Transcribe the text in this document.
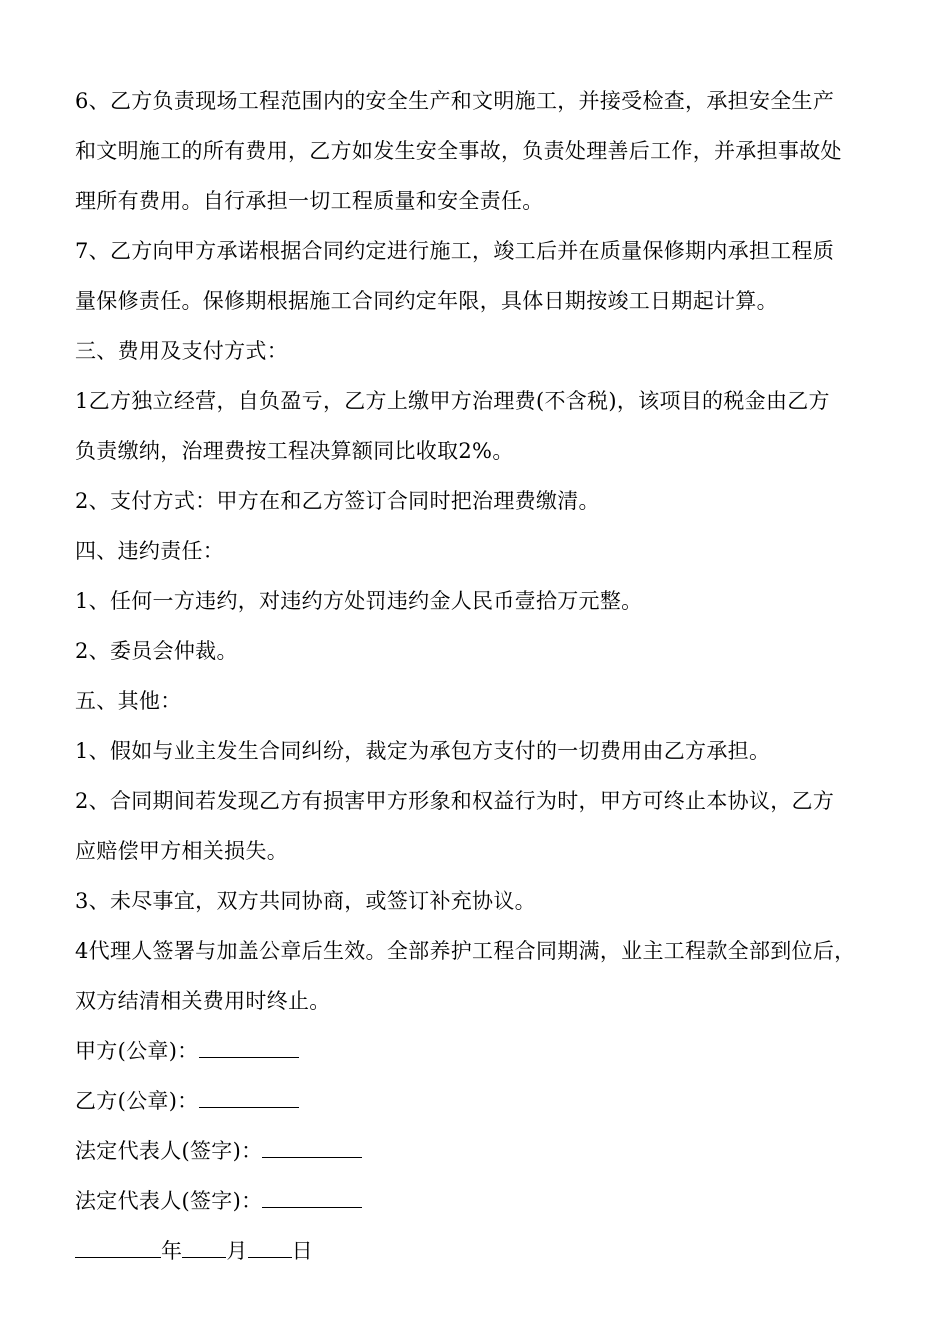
6、乙方负责现场工程范围内的安全生产和文明施工，并接受检查，承担安全生产
和文明施工的所有费用，乙方如发生安全事故，负责处理善后工作，并承担事故处
理所有费用。自行承担一切工程质量和安全责任。
7、乙方向甲方承诺根据合同约定进行施工，竣工后并在质量保修期内承担工程质
量保修责任。保修期根据施工合同约定年限，具体日期按竣工日期起计算。
三、费用及支付方式：
1乙方独立经营，自负盈亏，乙方上缴甲方治理费(不含税)，该项目的税金由乙方
负责缴纳，治理费按工程决算额同比收取2%。
2、支付方式：甲方在和乙方签订合同时把治理费缴清。
四、违约责任：
1、任何一方违约，对违约方处罚违约金人民币壹拾万元整。
2、委员会仲裁。
五、其他：
1、假如与业主发生合同纠纷，裁定为承包方支付的一切费用由乙方承担。
2、合同期间若发现乙方有损害甲方形象和权益行为时，甲方可终止本协议，乙方
应赔偿甲方相关损失。
3、未尽事宜，双方共同协商，或签订补充协议。
4代理人签署与加盖公章后生效。全部养护工程合同期满，业主工程款全部到位后，
双方结清相关费用时终止。
甲方(公章)：
乙方(公章)：
法定代表人(签字)：
法定代表人(签字)：
年 月 日
